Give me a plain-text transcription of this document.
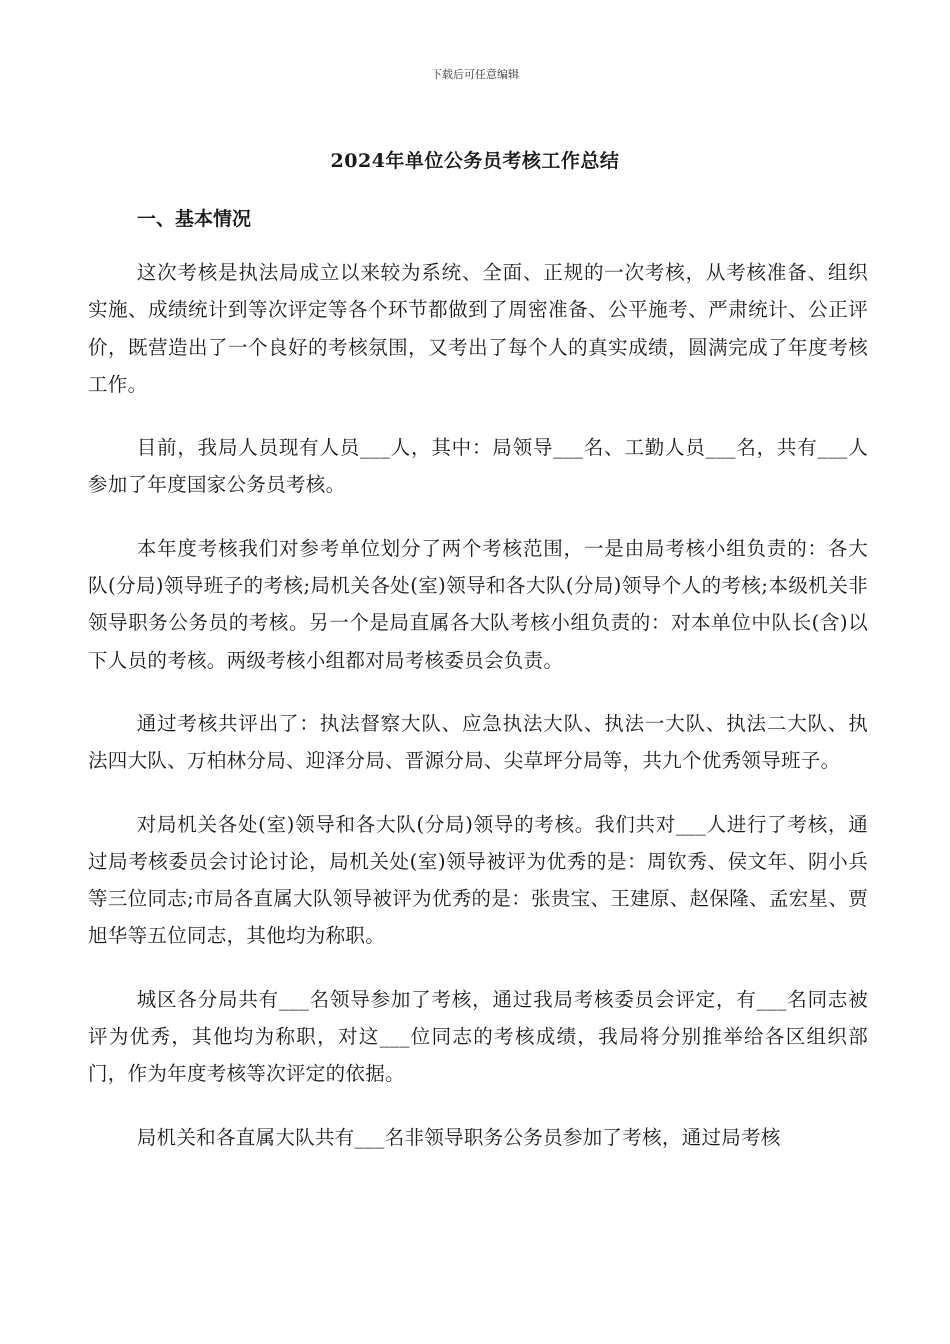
下载后可任意编辑
2024年单位公务员考核工作总结
一、基本情况

这次考核是执法局成立以来较为系统、全面、正规的一次考核，从考核准备、组织实施、成绩统计到等次评定等各个环节都做到了周密准备、公平施考、严肃统计、公正评价，既营造出了一个良好的考核氛围，又考出了每个人的真实成绩，圆满完成了年度考核工作。

目前，我局人员现有人员___人，其中：局领导___名、工勤人员___名，共有___人参加了年度国家公务员考核。

本年度考核我们对参考单位划分了两个考核范围，一是由局考核小组负责的：各大队(分局)领导班子的考核;局机关各处(室)领导和各大队(分局)领导个人的考核;本级机关非领导职务公务员的考核。另一个是局直属各大队考核小组负责的：对本单位中队长(含)以下人员的考核。两级考核小组都对局考核委员会负责。

通过考核共评出了：执法督察大队、应急执法大队、执法一大队、执法二大队、执法四大队、万柏林分局、迎泽分局、晋源分局、尖草坪分局等，共九个优秀领导班子。

对局机关各处(室)领导和各大队(分局)领导的考核。我们共对___人进行了考核，通过局考核委员会讨论讨论，局机关处(室)领导被评为优秀的是：周钦秀、侯文年、阴小兵等三位同志;市局各直属大队领导被评为优秀的是：张贵宝、王建原、赵保隆、孟宏星、贾旭华等五位同志，其他均为称职。

城区各分局共有___名领导参加了考核，通过我局考核委员会评定，有___名同志被评为优秀，其他均为称职，对这___位同志的考核成绩，我局将分别推举给各区组织部门，作为年度考核等次评定的依据。

局机关和各直属大队共有___名非领导职务公务员参加了考核，通过局考核
